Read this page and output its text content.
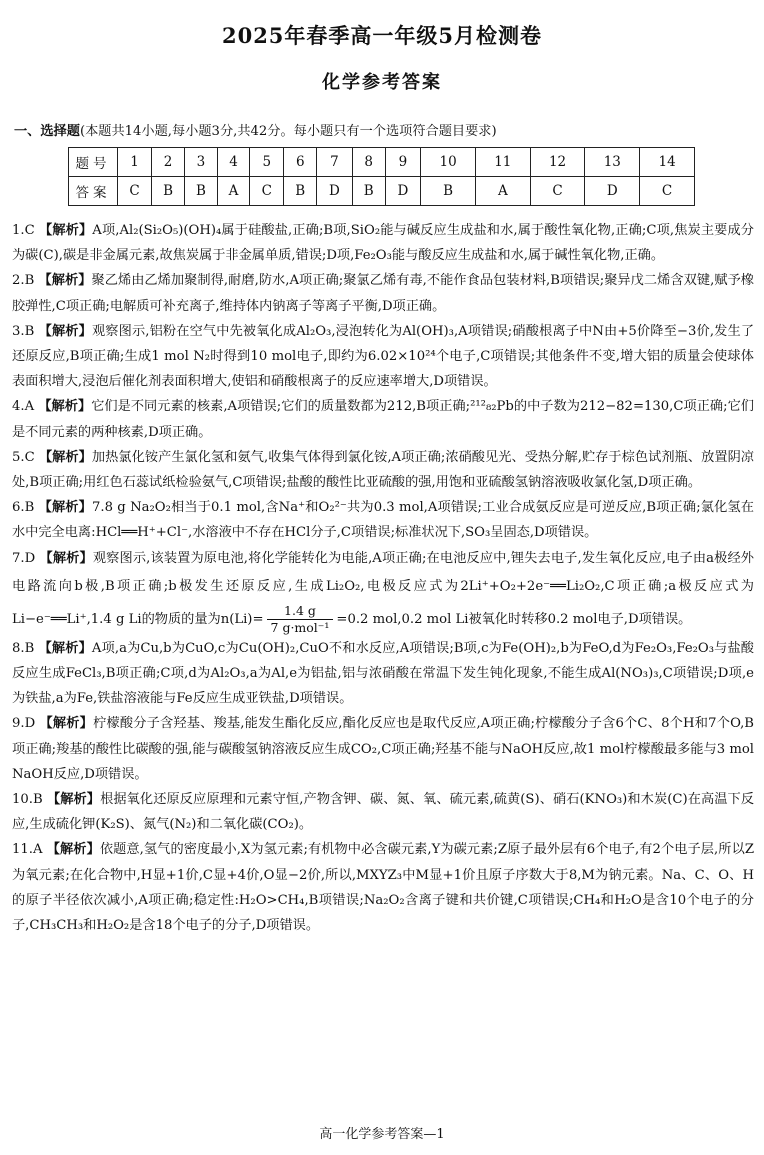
2025年春季高一年级5月检测卷
化学参考答案
一、选择题(本题共14小题,每小题3分,共42分。每小题只有一个选项符合题目要求)
题号	1	2	3	4	5	6	7	8	9	10	11	12	13	14
答案	C	B	B	A	C	B	D	B	D	B	A	C	D	C

1.C 【解析】A项,Al₂(Si₂O₅)(OH)₄属于硅酸盐,正确;B项,SiO₂能与碱反应生成盐和水,属于酸性氧化物,正确;C项,焦炭主要成分为碳(C),碳是非金属元素,故焦炭属于非金属单质,错误;D项,Fe₂O₃能与酸反应生成盐和水,属于碱性氧化物,正确。

2.B 【解析】聚乙烯由乙烯加聚制得,耐磨,防水,A项正确;聚氯乙烯有毒,不能作食品包装材料,B项错误;聚异戊二烯含双键,赋予橡胶弹性,C项正确;电解质可补充离子,维持体内钠离子等离子平衡,D项正确。

3.B 【解析】观察图示,铝粉在空气中先被氧化成Al₂O₃,浸泡转化为Al(OH)₃,A项错误;硝酸根离子中N由+5价降至−3价,发生了还原反应,B项正确;生成1 mol N₂时得到10 mol电子,即约为6.02×10²⁴个电子,C项错误;其他条件不变,增大铝的质量会使球体表面积增大,浸泡后催化剂表面积增大,使铝和硝酸根离子的反应速率增大,D项错误。

4.A 【解析】它们是不同元素的核素,A项错误;它们的质量数都为212,B项正确;²¹²₈₂Pb的中子数为212−82=130,C项正确;它们是不同元素的两种核素,D项正确。

5.C 【解析】加热氯化铵产生氯化氢和氨气,收集气体得到氯化铵,A项正确;浓硝酸见光、受热分解,贮存于棕色试剂瓶、放置阴凉处,B项正确;用红色石蕊试纸检验氨气,C项错误;盐酸的酸性比亚硫酸的强,用饱和亚硫酸氢钠溶液吸收氯化氢,D项正确。

6.B 【解析】7.8 g Na₂O₂相当于0.1 mol,含Na⁺和O₂²⁻共为0.3 mol,A项错误;工业合成氨反应是可逆反应,B项正确;氯化氢在水中完全电离:HCl══H⁺+Cl⁻,水溶液中不存在HCl分子,C项错误;标准状况下,SO₃呈固态,D项错误。

7.D 【解析】观察图示,该装置为原电池,将化学能转化为电能,A项正确;在电池反应中,锂失去电子,发生氧化反应,电子由a极经外电路流向b极,B项正确;b极发生还原反应,生成Li₂O₂,电极反应式为2Li⁺+O₂+2e⁻══Li₂O₂,C项正确;a极反应式为Li−e⁻══Li⁺,1.4 g Li的物质的量为$n(Li)= \frac{1.4 g}{\text{7 g·mol⁻¹}} =0.2$ mol,0.2 mol Li被氧化时转移0.2 mol电子,D项错误。

8.B 【解析】A项,a为Cu,b为CuO,c为Cu(OH)₂,CuO不和水反应,A项错误;B项,c为Fe(OH)₂,b为FeO,d为Fe₂O₃,Fe₂O₃与盐酸反应生成FeCl₃,B项正确;C项,d为Al₂O₃,a为Al,e为铝盐,铝与浓硝酸在常温下发生钝化现象,不能生成Al(NO₃)₃,C项错误;D项,e为铁盐,a为Fe,铁盐溶液能与Fe反应生成亚铁盐,D项错误。

9.D 【解析】柠檬酸分子含羟基、羧基,能发生酯化反应,酯化反应也是取代反应,A项正确;柠檬酸分子含6个C、8个H和7个O,B项正确;羧基的酸性比碳酸的强,能与碳酸氢钠溶液反应生成CO₂,C项正确;羟基不能与NaOH反应,故1 mol柠檬酸最多能与3 mol NaOH反应,D项错误。

10.B 【解析】根据氧化还原反应原理和元素守恒,产物含钾、碳、氮、氧、硫元素,硫黄(S)、硝石(KNO₃)和木炭(C)在高温下反应,生成硫化钾(K₂S)、氮气(N₂)和二氧化碳(CO₂)。

11.A 【解析】依题意,氢气的密度最小,X为氢元素;有机物中必含碳元素,Y为碳元素;Z原子最外层有6个电子,有2个电子层,所以Z为氧元素;在化合物中,H显+1价,C显+4价,O显−2价,所以,MXYZ₃中M显+1价且原子序数大于8,M为钠元素。Na、C、O、H的原子半径依次减小,A项正确;稳定性:H₂O>CH₄,B项错误;Na₂O₂含离子键和共价键,C项错误;CH₄和H₂O是含10个电子的分子,CH₃CH₃和H₂O₂是含18个电子的分子,D项错误。

高一化学参考答案—1
